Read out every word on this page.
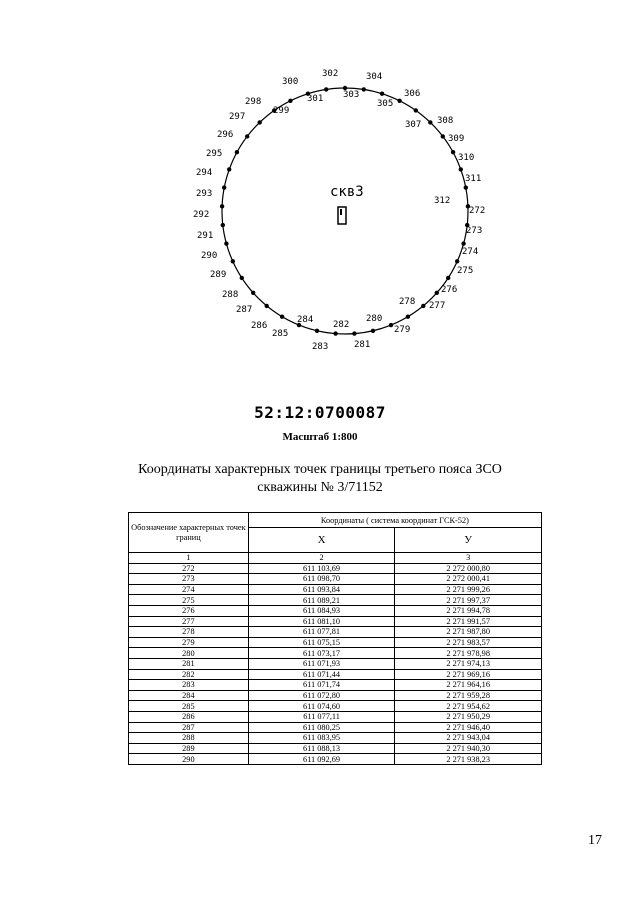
300
302	304
301 303	306
305
298
299
297
307 308
296	309
295	310
294
311
293
312
292	272
291	273
290	274
289	275
276
288
278 277
287
280
286
284 282	279
285
283	281
скв3
52:12:0700087
Масштаб 1:800
Координаты характерных точек границы третьего пояса ЗСО
скважины № 3/71152
Обозначение характерных точек границ	Координаты ( система координат ГСК-52)	
	X	У
1	2	3
272	611 103,69	2 272 000,80
273	611 098,70	2 272 000,41
274	611 093,84	2 271 999,26
275	611 089,21	2 271 997,37
276	611 084,93	2 271 994,78
277	611 081,10	2 271 991,57
278	611 077,81	2 271 987,80
279	611 075,15	2 271 983,57
280	611 073,17	2 271 978,98
281	611 071,93	2 271 974,13
282	611 071,44	2 271 969,16
283	611 071,74	2 271 964,16
284	611 072,80	2 271 959,28
285	611 074,60	2 271 954,62
286	611 077,11	2 271 950,29
287	611 080,25	2 271 946,40
288	611 083,95	2 271 943,04
289	611 088,13	2 271 940,30
290	611 092,69	2 271 938,23
17
